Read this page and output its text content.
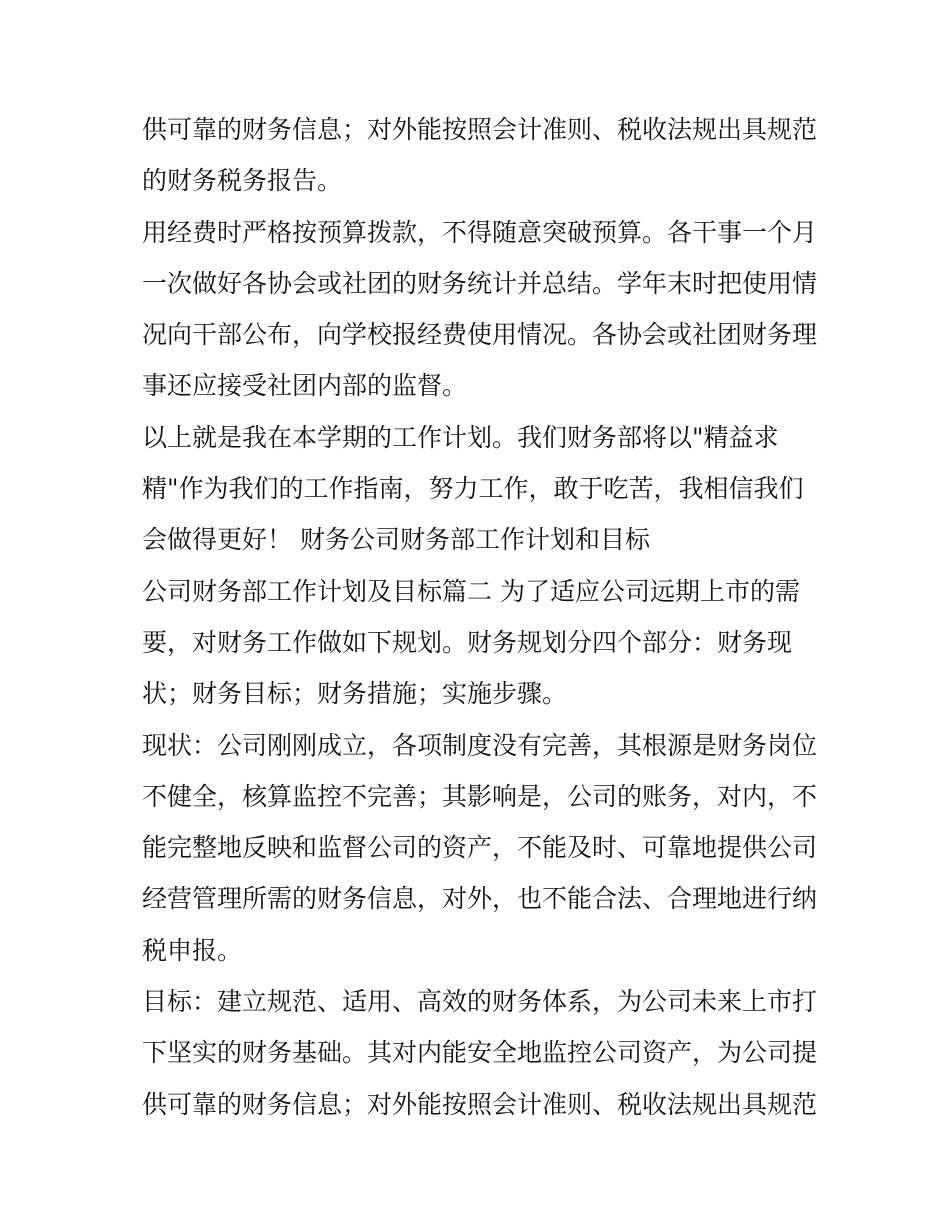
供可靠的财务信息；对外能按照会计准则、税收法规出具规范
的财务税务报告。
用经费时严格按预算拨款，不得随意突破预算。各干事一个月
一次做好各协会或社团的财务统计并总结。学年末时把使用情
况向干部公布，向学校报经费使用情况。各协会或社团财务理
事还应接受社团内部的监督。
以上就是我在本学期的工作计划。我们财务部将以"精益求
精"作为我们的工作指南，努力工作，敢于吃苦，我相信我们
会做得更好！ 财务公司财务部工作计划和目标
公司财务部工作计划及目标篇二 为了适应公司远期上市的需
要，对财务工作做如下规划。财务规划分四个部分：财务现
状；财务目标；财务措施；实施步骤。
现状：公司刚刚成立，各项制度没有完善，其根源是财务岗位
不健全，核算监控不完善；其影响是，公司的账务，对内，不
能完整地反映和监督公司的资产，不能及时、可靠地提供公司
经营管理所需的财务信息，对外，也不能合法、合理地进行纳
税申报。
目标：建立规范、适用、高效的财务体系，为公司未来上市打
下坚实的财务基础。其对内能安全地监控公司资产，为公司提
供可靠的财务信息；对外能按照会计准则、税收法规出具规范
